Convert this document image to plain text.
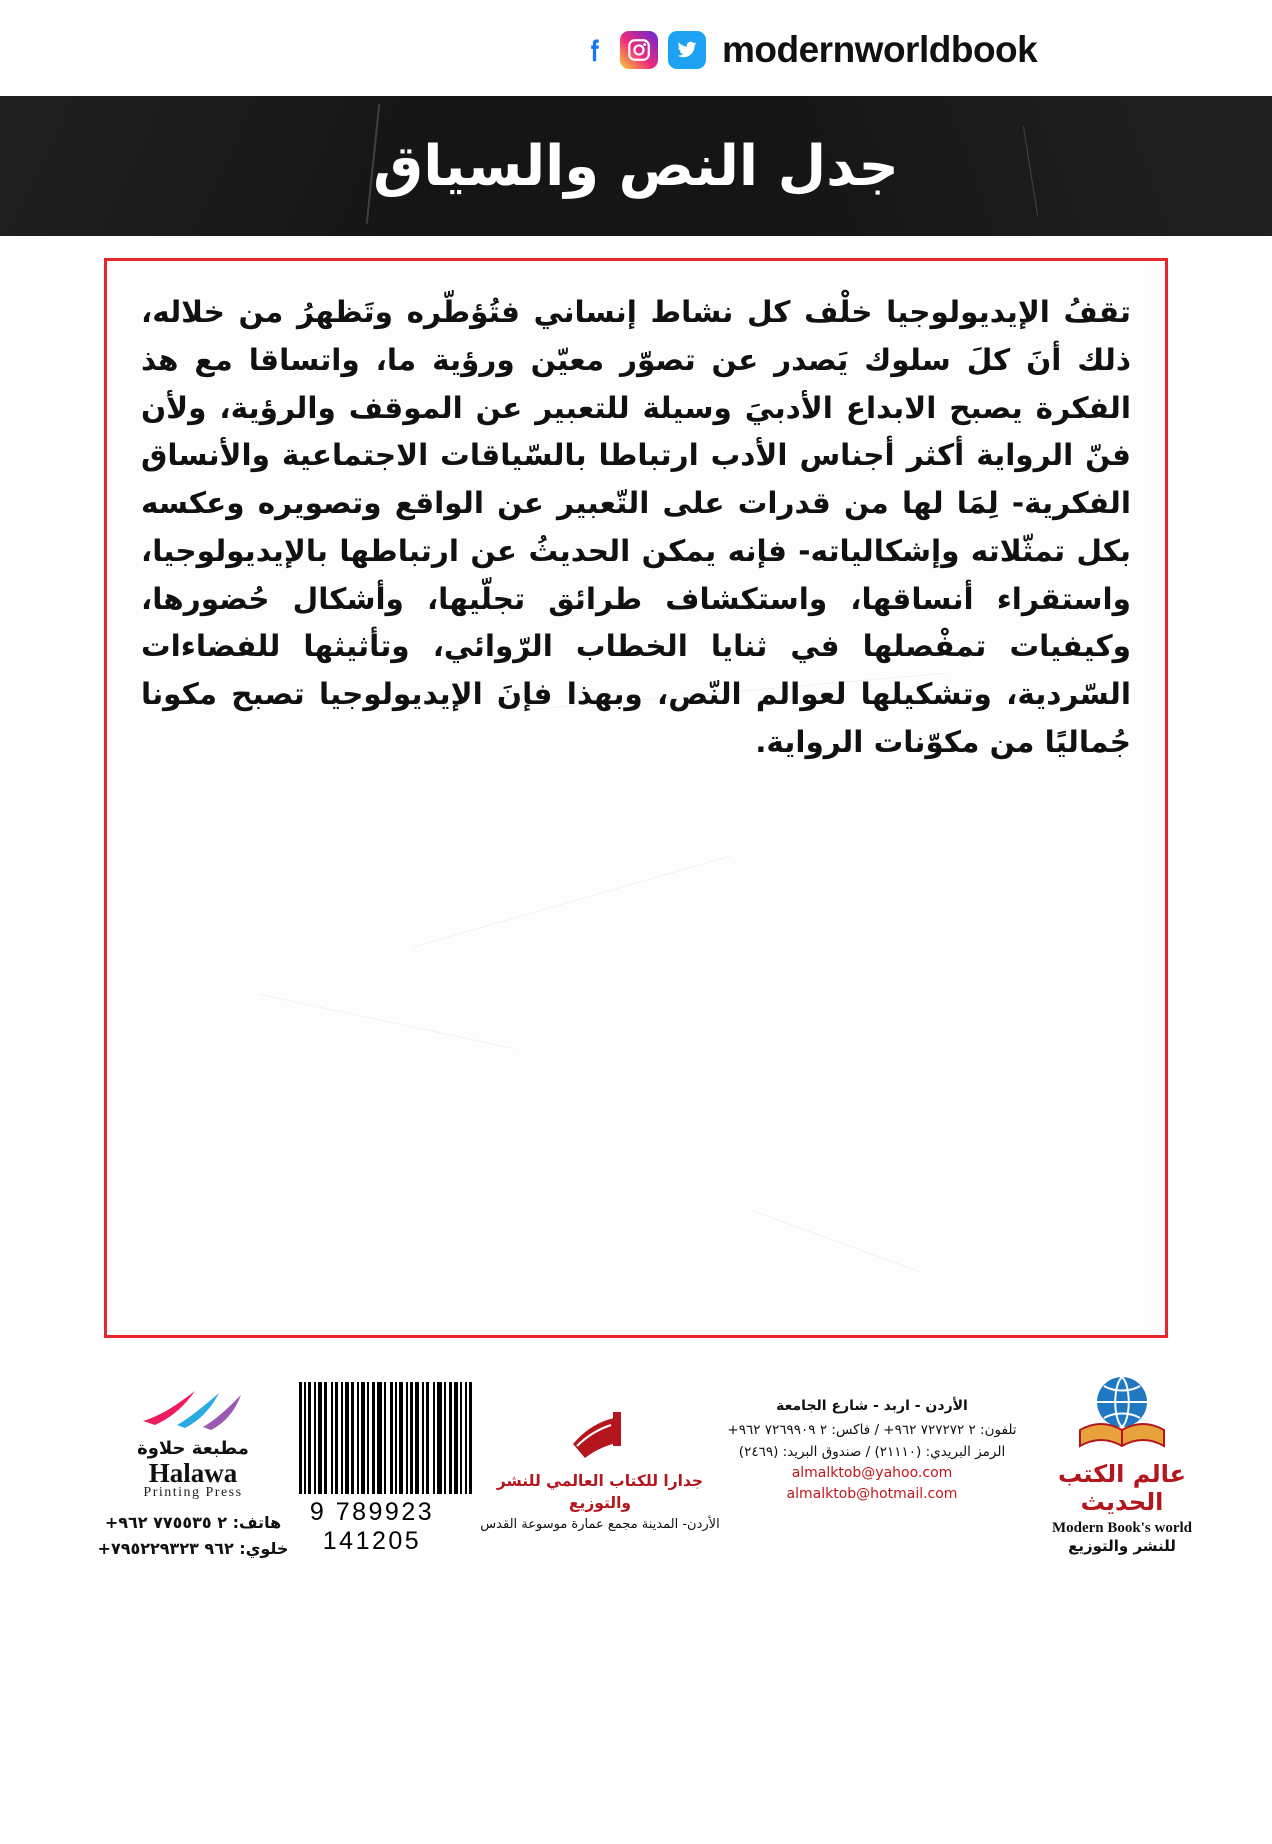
modernworldbook
جدل النص والسياق
تقفُ الإيديولوجيا خلْف كل نشاط إنساني فتُؤطّره وتَظهرُ من خلاله، ذلك أنَ كلَ سلوك يَصدر عن تصوّر معيّن ورؤية ما، واتساقا مع هذ الفكرة يصبح الابداع الأدبيَ وسيلة للتعبير عن الموقف والرؤية، ولأن فنّ الرواية أكثر أجناس الأدب ارتباطا بالسّياقات الاجتماعية والأنساق الفكرية- لِمَا لها من قدرات على التّعبير عن الواقع وتصويره وعكسه بكل تمثّلاته وإشكالياته- فإنه يمكن الحديثُ عن ارتباطها بالإيديولوجيا، واستقراء أنساقها، واستكشاف طرائق تجلّيها، وأشكال حُضورها، وكيفيات تمفْصلها في ثنايا الخطاب الرّوائي، وتأثيثها للفضاءات السّردية، وتشكيلها لعوالم النّص، وبهذا فإنَ الإيديولوجيا تصبح مكونا جُماليًا من مكوّنات الرواية.
مطبعة حلاوة
Halawa
Printing Press
هاتف: ٢ ٧٧٥٥٣٥ ٩٦٢+
خلوي: ٩٦٢ ٧٩٥٢٢٩٣٢٣+
9 789923 141205
جدارا للكتاب العالمي للنشر والتوزيع
الأردن- المدينة مجمع عمارة موسوعة القدس
الأردن - اربد - شارع الجامعة
تلفون: ٢ ٧٢٧٢٧٢ ٩٦٢+ / فاكس: ٢ ٧٢٦٩٩٠٩ ٩٦٢+
الرمز البريدي: (٢١١١٠) / صندوق البريد: (٢٤٦٩)
almalktob@yahoo.com
almalktob@hotmail.com
عالم الكتب الحديث
Modern Book's world
للنشر والتوزيع
